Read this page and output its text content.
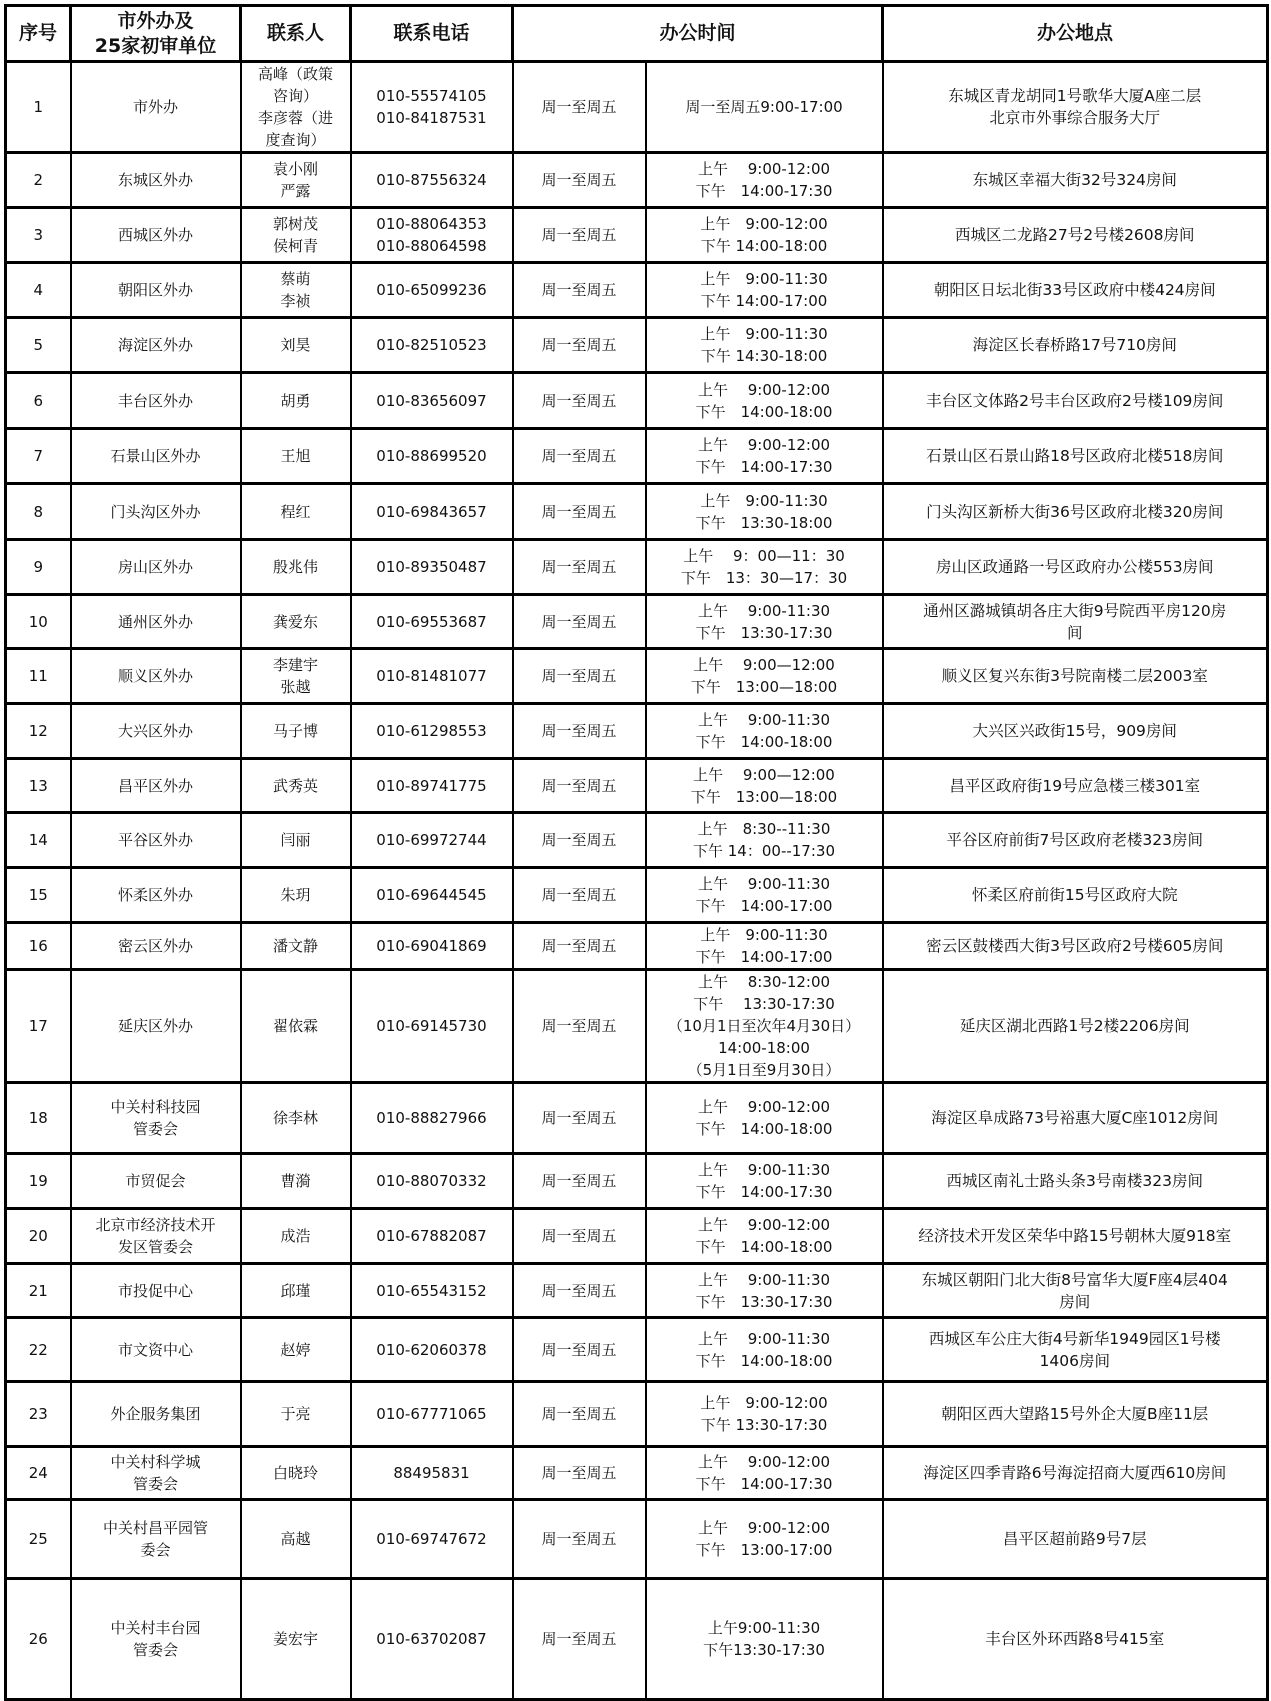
序号	市外办及
25家初审单位	联系人	联系电话	办公时间		办公地点
1	市外办	高峰（政策
咨询）
李彦蓉（进
度查询）	010-55574105
010-84187531	周一至周五	周一至周五9:00-17:00	东城区青龙胡同1号歌华大厦A座二层
北京市外事综合服务大厅
2	东城区外办	袁小刚
严露	010-87556324	周一至周五	上午　 9:00-12:00
下午　14:00-17:30	东城区幸福大街32号324房间
3	西城区外办	郭树茂
侯柯青	010-88064353
010-88064598	周一至周五	上午　9:00-12:00
下午 14:00-18:00	西城区二龙路27号2号楼2608房间
4	朝阳区外办	蔡萌
李祯	010-65099236	周一至周五	上午　9:00-11:30
下午 14:00-17:00	朝阳区日坛北街33号区政府中楼424房间
5	海淀区外办	刘昊	010-82510523	周一至周五	上午　9:00-11:30
下午 14:30-18:00	海淀区长春桥路17号710房间
6	丰台区外办	胡勇	010-83656097	周一至周五	上午　 9:00-12:00
下午　14:00-18:00	丰台区文体路2号丰台区政府2号楼109房间
7	石景山区外办	王旭	010-88699520	周一至周五	上午　 9:00-12:00
下午　14:00-17:30	石景山区石景山路18号区政府北楼518房间
8	门头沟区外办	程红	010-69843657	周一至周五	上午　9:00-11:30
下午　13:30-18:00	门头沟区新桥大街36号区政府北楼320房间
9	房山区外办	殷兆伟	010-89350487	周一至周五	上午　 9：00—11：30
下午　13：30—17：30	房山区政通路一号区政府办公楼553房间
10	通州区外办	龚爱东	010-69553687	周一至周五	上午　 9:00-11:30
下午　13:30-17:30	通州区潞城镇胡各庄大街9号院西平房120房
间
11	顺义区外办	李建宇
张越	010-81481077	周一至周五	上午　 9:00—12:00
下午　13:00—18:00	顺义区复兴东街3号院南楼二层2003室

12	大兴区外办	马子博	010-61298553	周一至周五	上午　 9:00-11:30
下午　14:00-18:00	大兴区兴政街15号，909房间
13	昌平区外办	武秀英	010-89741775	周一至周五	上午　 9:00—12:00
下午　13:00—18:00	昌平区政府街19号应急楼三楼301室
14	平谷区外办	闫丽	010-69972744	周一至周五	上午　8:30--11:30
下午 14：00--17:30	平谷区府前街7号区政府老楼323房间
15	怀柔区外办	朱玥	010-69644545	周一至周五	上午　 9:00-11:30
下午　14:00-17:00	怀柔区府前街15号区政府大院
16	密云区外办	潘文静	010-69041869	周一至周五	上午　9:00-11:30
下午　14:00-17:00	密云区鼓楼西大街3号区政府2号楼605房间
17	延庆区外办	翟依霖	010-69145730	周一至周五	上午　 8:30-12:00
下午　 13:30-17:30
（10月1日至次年4月30日）
14:00-18:00
（5月1日至9月30日）	延庆区湖北西路1号2楼2206房间
18	中关村科技园
管委会	徐李林	010-88827966	周一至周五	上午　 9:00-12:00
下午　14:00-18:00	海淀区阜成路73号裕惠大厦C座1012房间
19	市贸促会	曹漪	010-88070332	周一至周五	上午　 9:00-11:30
下午　14:00-17:30	西城区南礼士路头条3号南楼323房间
20	北京市经济技术开
发区管委会	成浩	010-67882087	周一至周五	上午　 9:00-12:00
下午　14:00-18:00	经济技术开发区荣华中路15号朝林大厦918室
21	市投促中心	邱瑾	010-65543152	周一至周五	上午　 9:00-11:30
下午　13:30-17:30	东城区朝阳门北大街8号富华大厦F座4层404
房间
22	市文资中心	赵婷	010-62060378	周一至周五	上午　 9:00-11:30
下午　14:00-18:00	西城区车公庄大街4号新华1949园区1号楼
1406房间
23	外企服务集团	于亮	010-67771065	周一至周五	上午　9:00-12:00
下午 13:30-17:30	朝阳区西大望路15号外企大厦B座11层
24	中关村科学城
管委会	白晓玲	88495831	周一至周五	上午　 9:00-12:00
下午　14:00-17:30	海淀区四季青路6号海淀招商大厦西610房间
25	中关村昌平园管
委会	高越	010-69747672	周一至周五	上午　 9:00-12:00
下午　13:00-17:00	昌平区超前路9号7层
26	中关村丰台园
管委会	姜宏宇	010-63702087	周一至周五	上午9:00-11:30
下午13:30-17:30	丰台区外环西路8号415室
